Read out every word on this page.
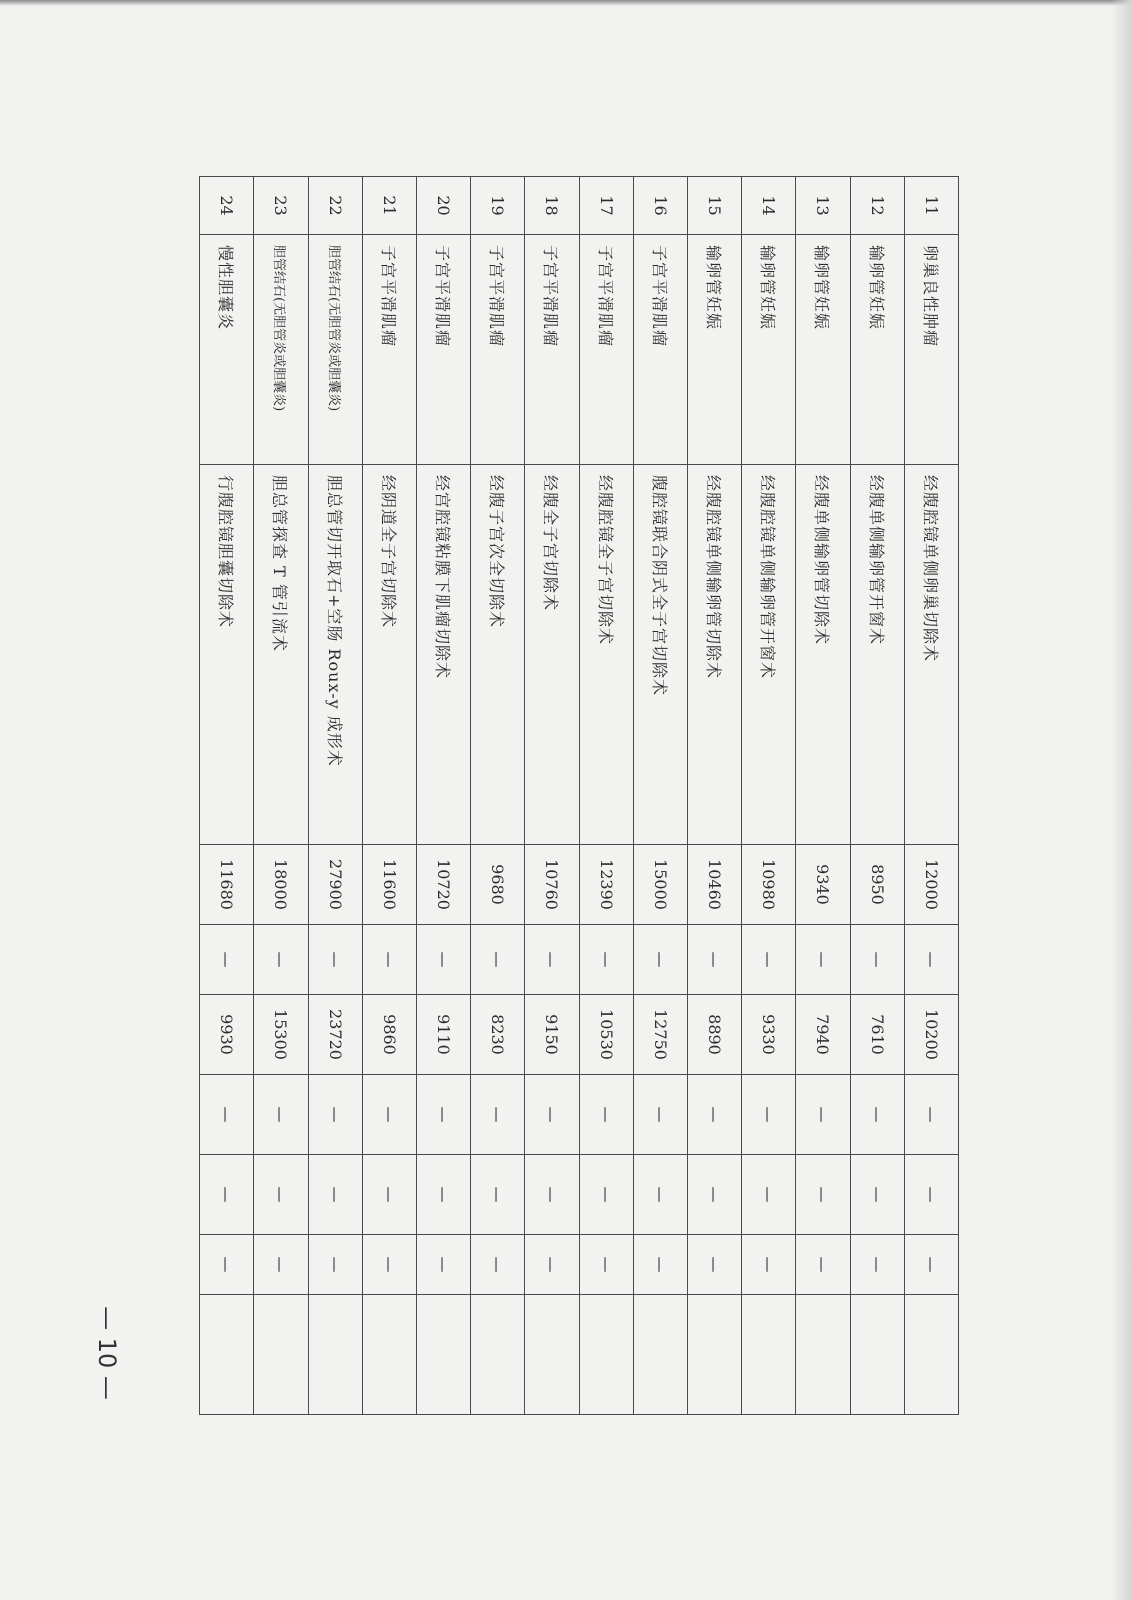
11	卵巢良性肿瘤	经腹腔镜单侧卵巢切除术	12000	—	10200	—	—	—	
12	输卵管妊娠	经腹单侧输卵管开窗术	8950	—	7610	—	—	—	
13	输卵管妊娠	经腹单侧输卵管切除术	9340	—	7940	—	—	—	
14	输卵管妊娠	经腹腔镜单侧输卵管开窗术	10980	—	9330	—	—	—	
15	输卵管妊娠	经腹腔镜单侧输卵管切除术	10460	—	8890	—	—	—	
16	子宫平滑肌瘤	腹腔镜联合阴式全子宫切除术	15000	—	12750	—	—	—	
17	子宫平滑肌瘤	经腹腔镜全子宫切除术	12390	—	10530	—	—	—	
18	子宫平滑肌瘤	经腹全子宫切除术	10760	—	9150	—	—	—	
19	子宫平滑肌瘤	经腹子宫次全切除术	9680	—	8230	—	—	—	
20	子宫平滑肌瘤	经宫腔镜粘膜下肌瘤切除术	10720	—	9110	—	—	—	
21	子宫平滑肌瘤	经阴道全子宫切除术	11600	—	9860	—	—	—	
22	胆管结石(无胆管炎或胆囊炎)	胆总管切开取石+空肠 Roux-y 成形术	27900	—	23720	—	—	—	
23	胆管结石(无胆管炎或胆囊炎)	胆总管探查 T 管引流术	18000	—	15300	—	—	—	
24	慢性胆囊炎	行腹腔镜胆囊切除术	11680	—	9930	—	—	—	
— 10 —
